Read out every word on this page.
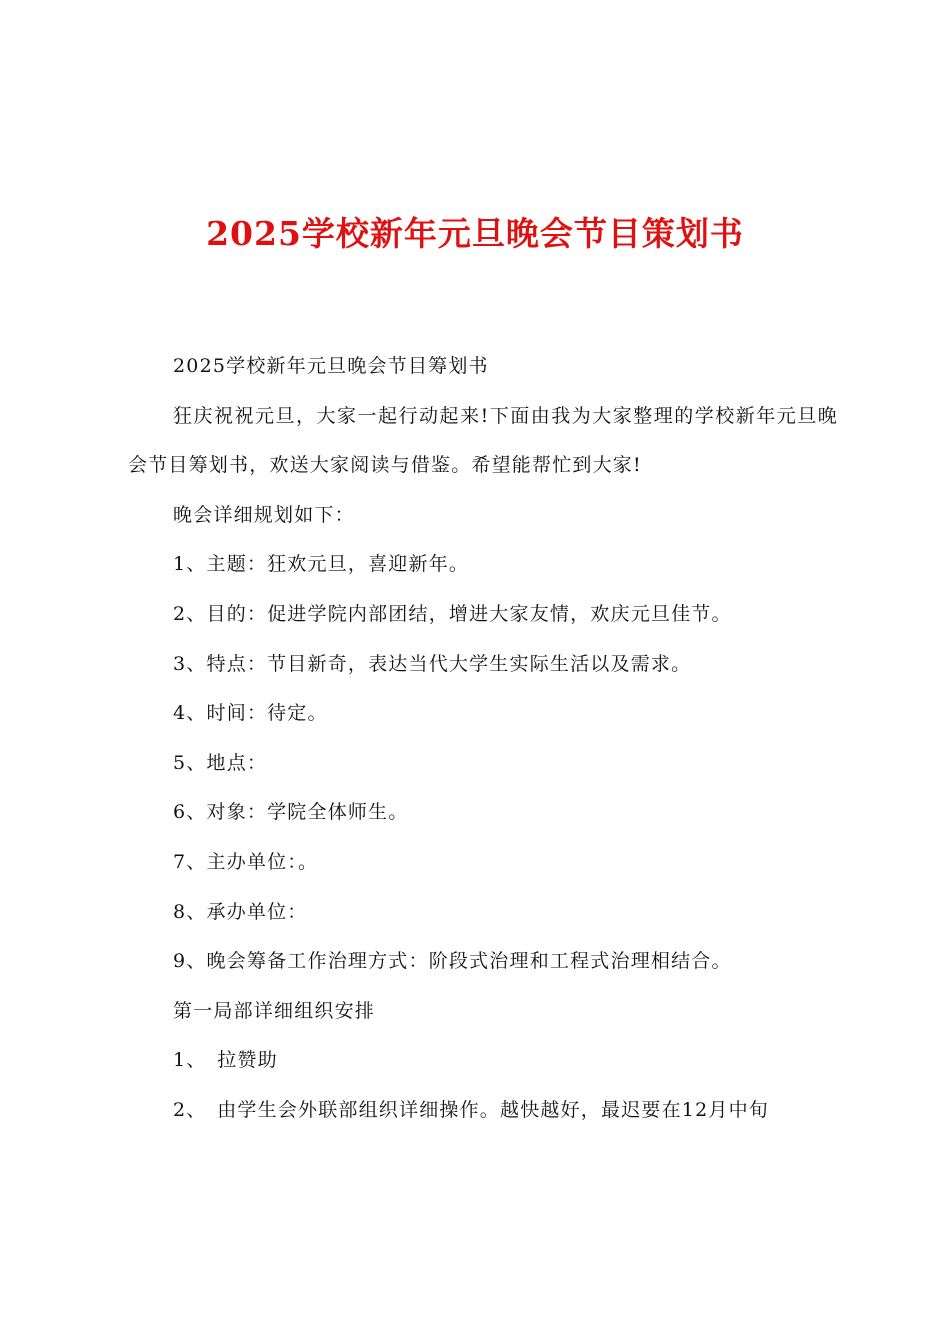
2025学校新年元旦晚会节目策划书

2025学校新年元旦晚会节目筹划书

狂庆祝祝元旦，大家一起行动起来!下面由我为大家整理的学校新年元旦晚会节目筹划书，欢送大家阅读与借鉴。希望能帮忙到大家!

晚会详细规划如下：

1、主题：狂欢元旦，喜迎新年。

2、目的：促进学院内部团结，增进大家友情，欢庆元旦佳节。

3、特点：节目新奇，表达当代大学生实际生活以及需求。

4、时间：待定。

5、地点：

6、对象：学院全体师生。

7、主办单位：。

8、承办单位：

9、晚会筹备工作治理方式：阶段式治理和工程式治理相结合。

第一局部详细组织安排

1、　拉赞助

2、　由学生会外联部组织详细操作。越快越好，最迟要在12月中旬
